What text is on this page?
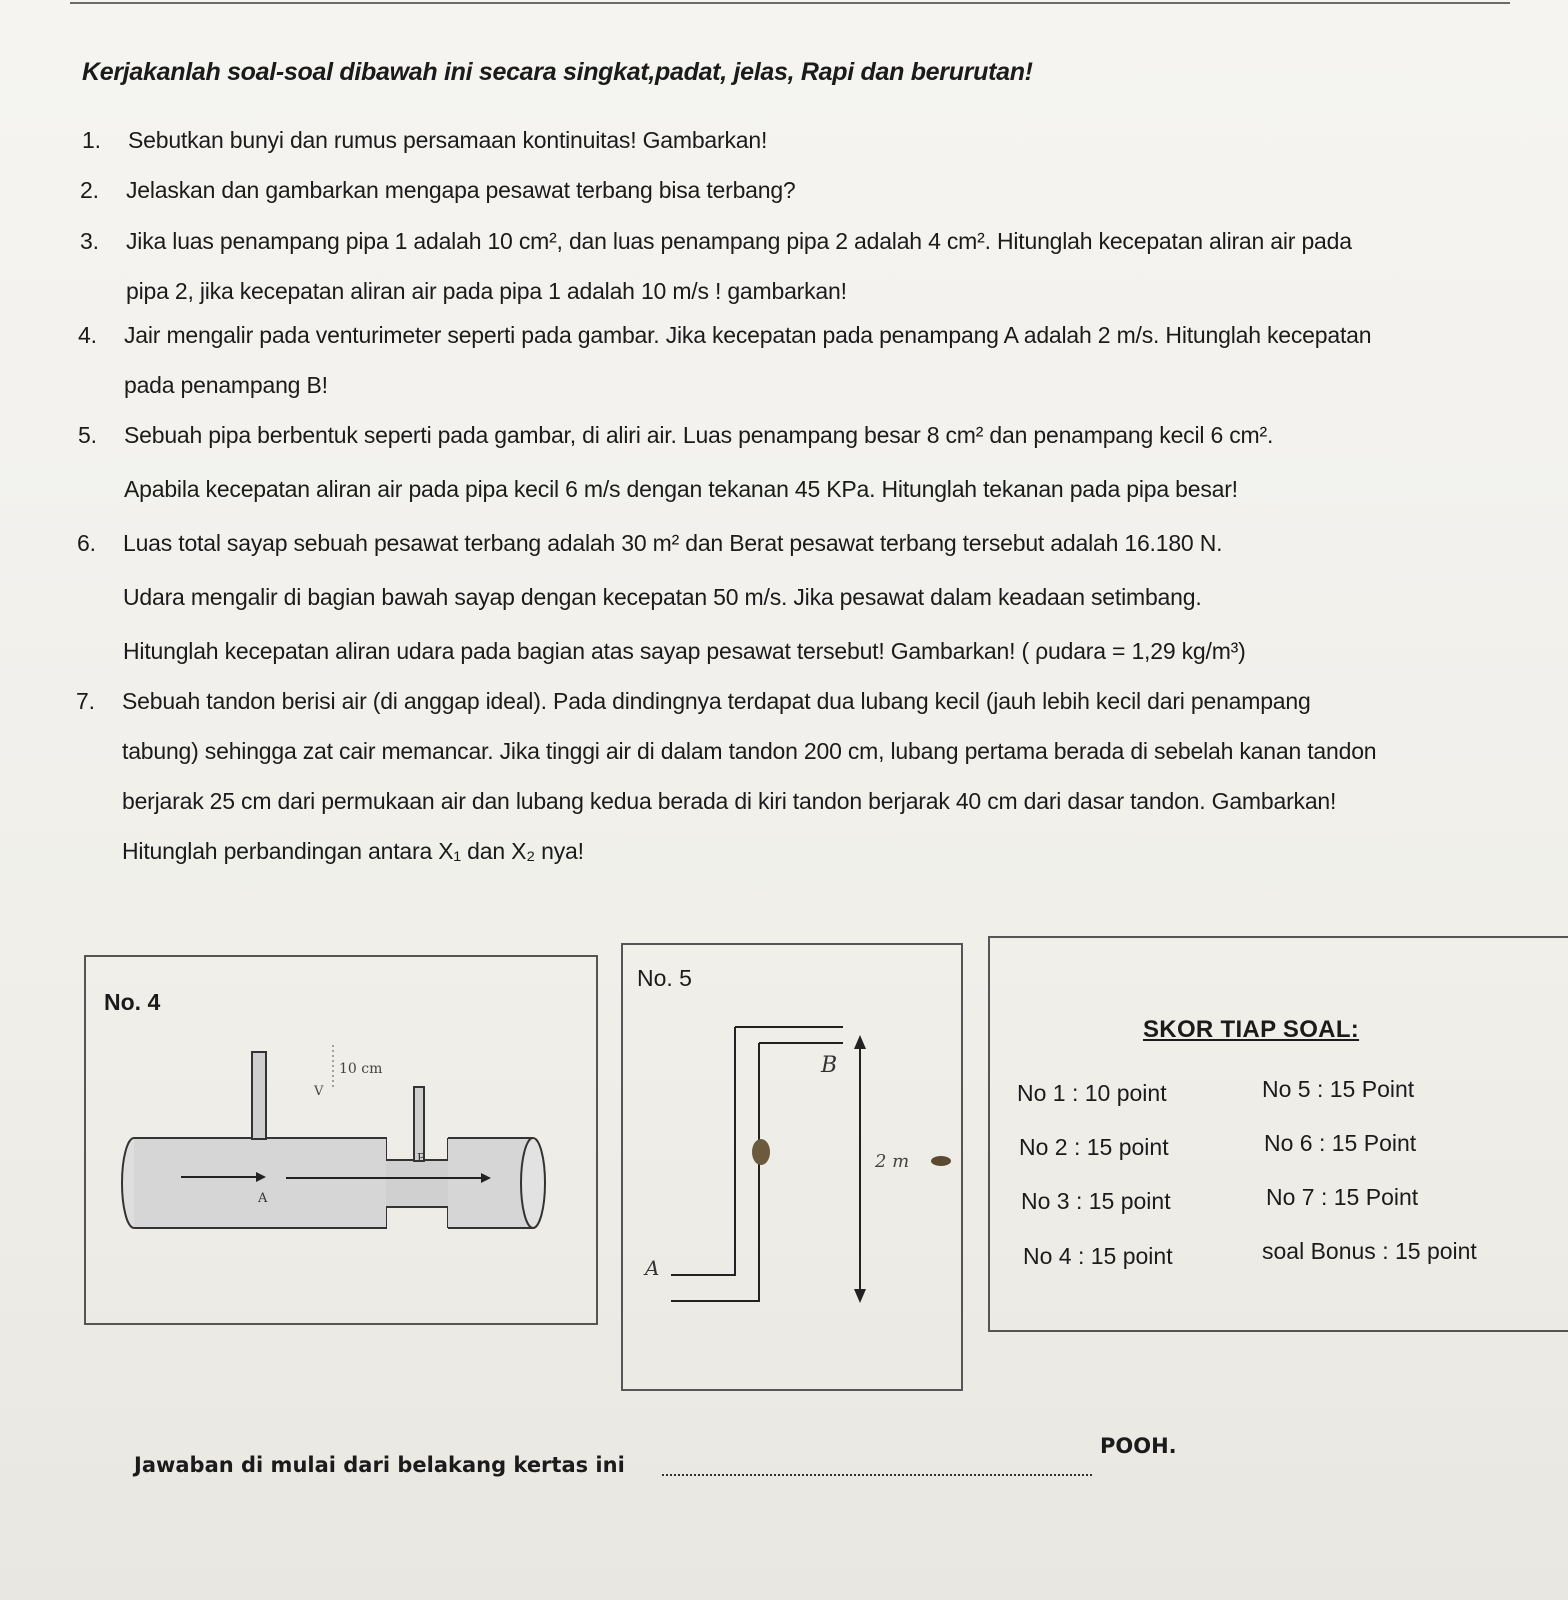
Kerjakanlah soal-soal dibawah ini secara singkat,padat, jelas, Rapi dan berurutan!
1.	Sebutkan bunyi dan rumus persamaan kontinuitas! Gambarkan!
2.	Jelaskan dan gambarkan mengapa pesawat terbang bisa terbang?
3.	Jika luas penampang pipa 1 adalah 10 cm², dan luas penampang pipa 2 adalah 4 cm². Hitunglah kecepatan aliran air pada
pipa 2, jika kecepatan aliran air pada pipa 1 adalah 10 m/s ! gambarkan!
4.	Jair mengalir pada venturimeter seperti pada gambar. Jika kecepatan pada penampang A adalah 2 m/s. Hitunglah kecepatan
pada penampang B!
5.	Sebuah pipa berbentuk seperti pada gambar, di aliri air. Luas penampang besar 8 cm² dan penampang kecil 6 cm².
Apabila kecepatan aliran air pada pipa kecil 6 m/s dengan tekanan 45 KPa. Hitunglah tekanan pada pipa besar!
6.	Luas total sayap sebuah pesawat terbang adalah 30 m² dan Berat pesawat terbang tersebut adalah 16.180 N.
Udara mengalir di bagian bawah sayap dengan kecepatan 50 m/s. Jika pesawat dalam keadaan setimbang.
Hitunglah kecepatan aliran udara pada bagian atas sayap pesawat tersebut! Gambarkan! ( ρudara = 1,29 kg/m³)
7.	Sebuah tandon berisi air (di anggap ideal). Pada dindingnya terdapat dua lubang kecil (jauh lebih kecil dari penampang
tabung) sehingga zat cair memancar. Jika tinggi air di dalam tandon 200 cm, lubang pertama berada di sebelah kanan tandon
berjarak 25 cm dari permukaan air dan lubang kedua berada di kiri tandon berjarak 40 cm dari dasar tandon. Gambarkan!
Hitunglah perbandingan antara X₁ dan X₂ nya!
No. 4
10 cm
V
A
B
No. 5
B
A
2 m
SKOR TIAP SOAL:
No 1 : 10 point	No 5 : 15 Point
No 2 : 15 point	No 6 : 15 Point
No 3 : 15 point	No 7 : 15 Point
No 4 : 15 point	soal Bonus : 15 point
Jawaban di mulai dari belakang kertas ini
POOH.
